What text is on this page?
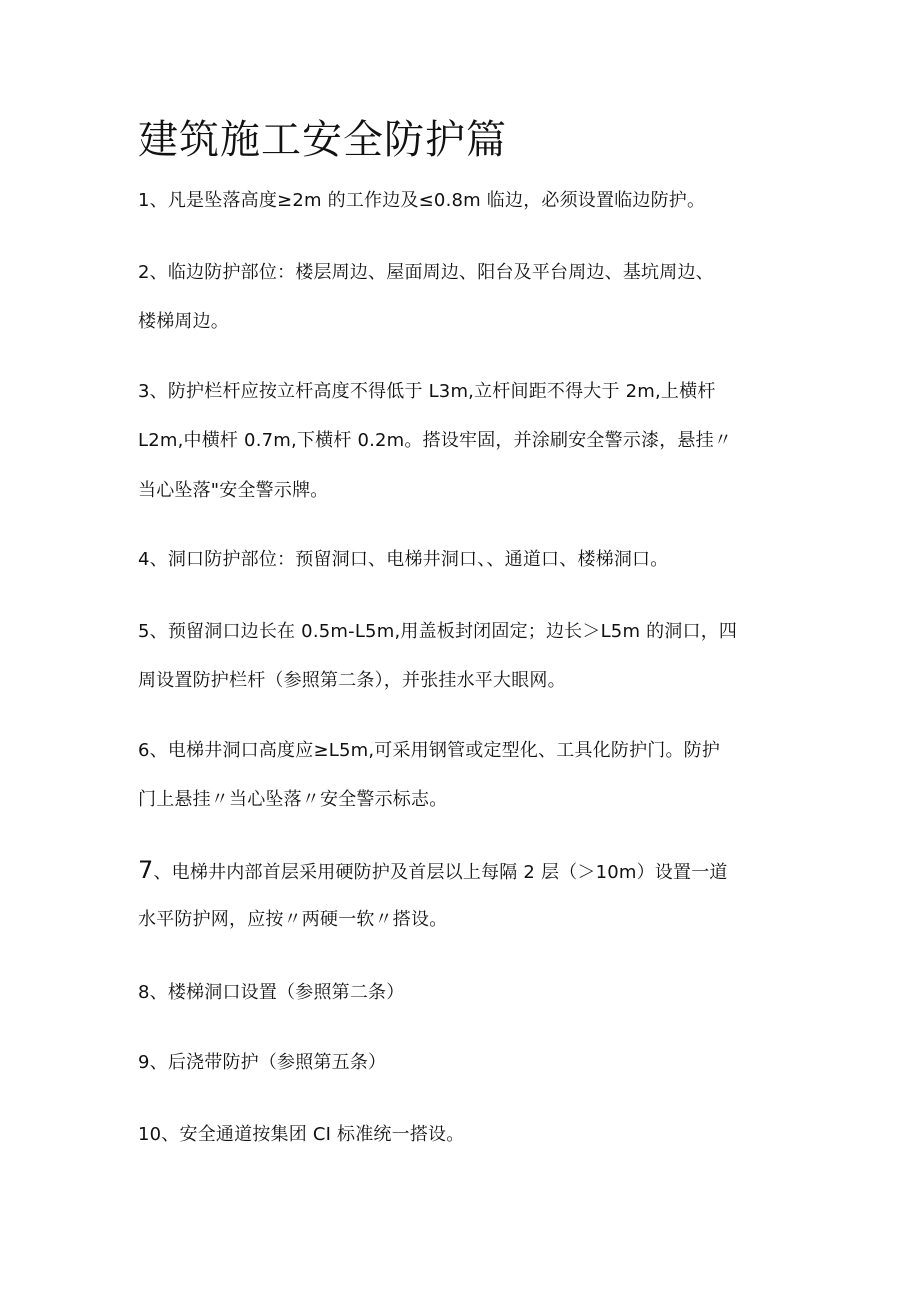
建筑施工安全防护篇
1、凡是坠落高度≥2m 的工作边及≤0.8m 临边，必须设置临边防护。
2、临边防护部位：楼层周边、屋面周边、阳台及平台周边、基坑周边、
楼梯周边。
3、防护栏杆应按立杆高度不得低于 L3m,立杆间距不得大于 2m,上横杆
L2m,中横杆 0.7m,下横杆 0.2m。搭设牢固，并涂刷安全警示漆，悬挂〃
当心坠落"安全警示牌。
4、洞口防护部位：预留洞口、电梯井洞口、、通道口、楼梯洞口。
5、预留洞口边长在 0.5m-L5m,用盖板封闭固定；边长＞L5m 的洞口，四
周设置防护栏杆（参照第二条），并张挂水平大眼网。
6、电梯井洞口高度应≥L5m,可采用钢管或定型化、工具化防护门。防护
门上悬挂〃当心坠落〃安全警示标志。
7、电梯井内部首层采用硬防护及首层以上每隔 2 层（＞10m）设置一道
水平防护网，应按〃两硬一软〃搭设。
8、楼梯洞口设置（参照第二条）
9、后浇带防护（参照第五条）
10、安全通道按集团 CI 标准统一搭设。
